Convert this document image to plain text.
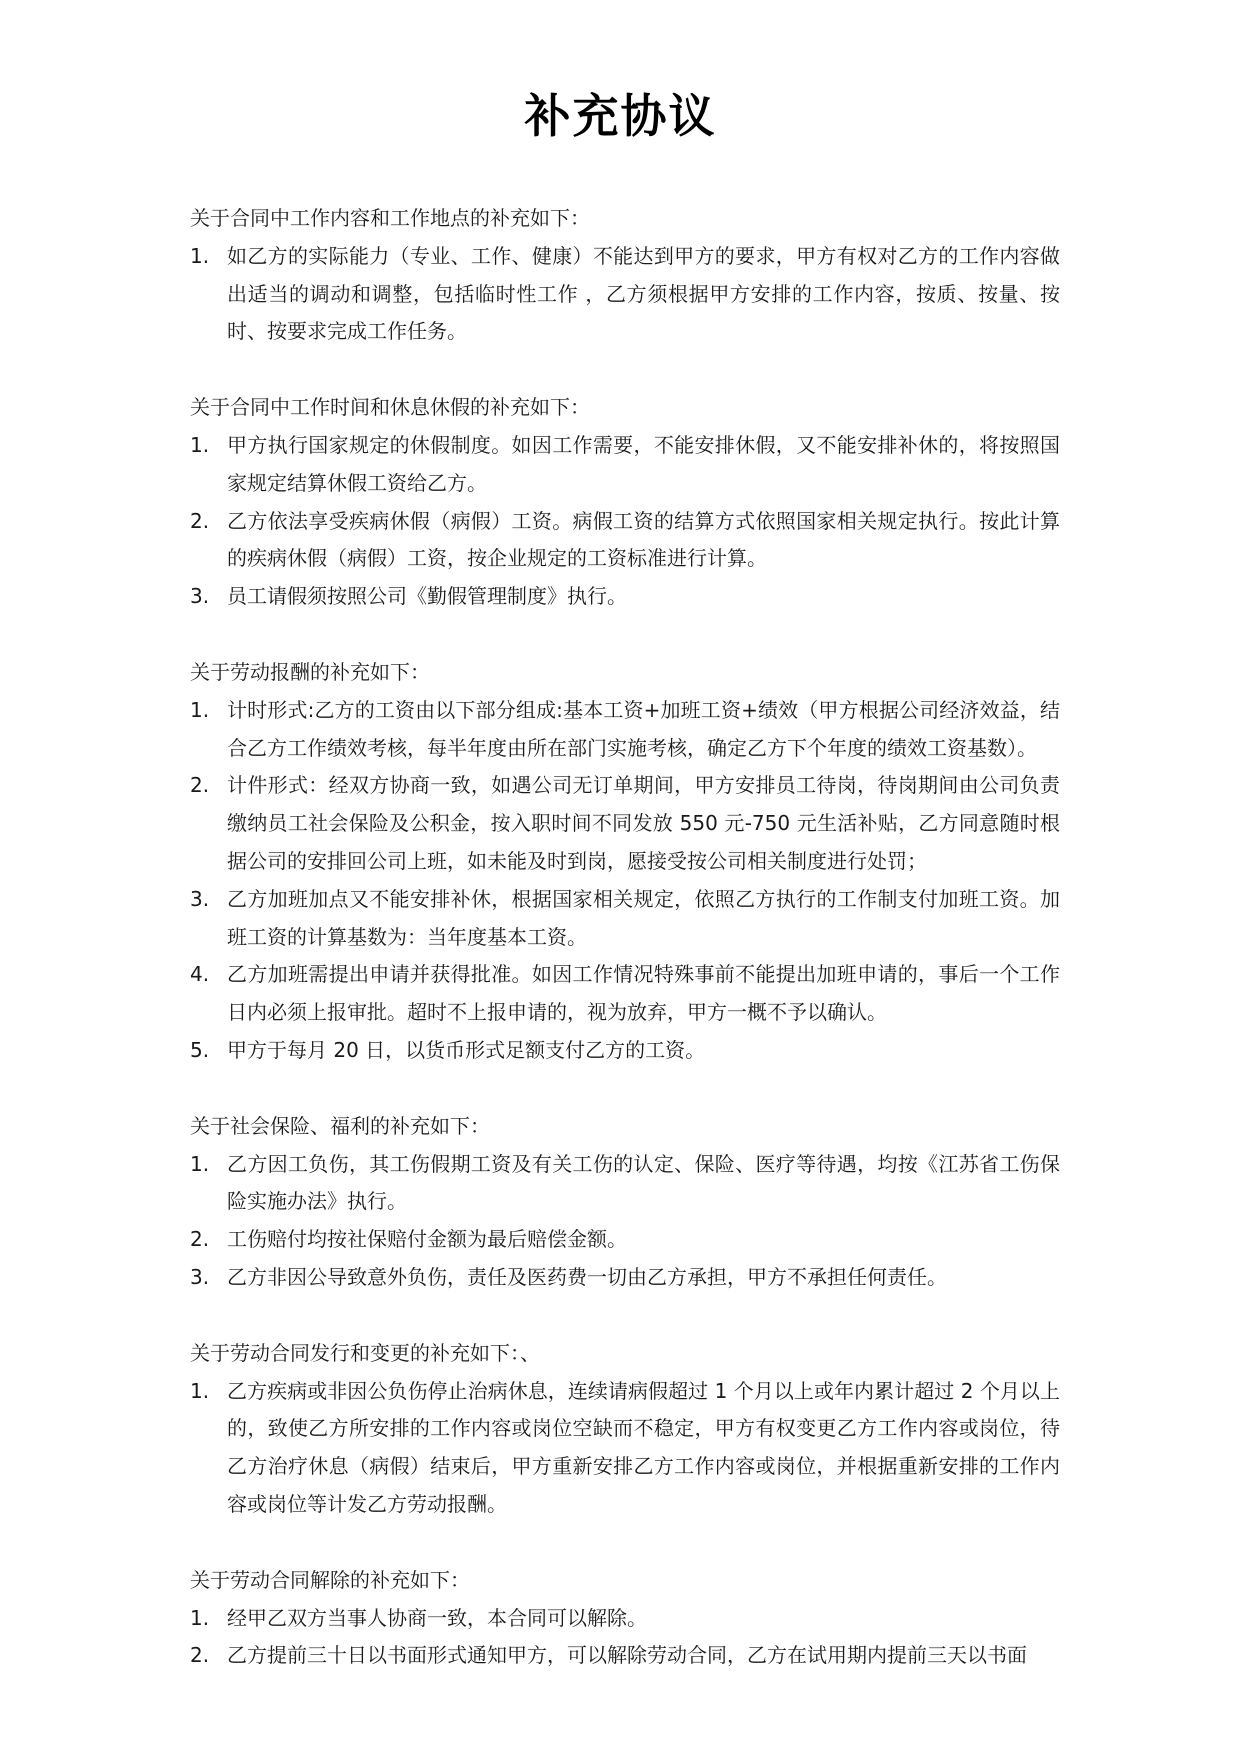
补充协议

关于合同中工作内容和工作地点的补充如下：

1. 如乙方的实际能力（专业、工作、健康）不能达到甲方的要求，甲方有权对乙方的工作内容做出适当的调动和调整，包括临时性工作 ，乙方须根据甲方安排的工作内容，按质、按量、按时、按要求完成工作任务。

关于合同中工作时间和休息休假的补充如下：

1. 甲方执行国家规定的休假制度。如因工作需要，不能安排休假，又不能安排补休的，将按照国家规定结算休假工资给乙方。
2. 乙方依法享受疾病休假（病假）工资。病假工资的结算方式依照国家相关规定执行。按此计算的疾病休假（病假）工资，按企业规定的工资标准进行计算。
3. 员工请假须按照公司《勤假管理制度》执行。

关于劳动报酬的补充如下：

1. 计时形式:乙方的工资由以下部分组成:基本工资+加班工资+绩效（甲方根据公司经济效益，结合乙方工作绩效考核，每半年度由所在部门实施考核，确定乙方下个年度的绩效工资基数）。
2. 计件形式：经双方协商一致，如遇公司无订单期间，甲方安排员工待岗，待岗期间由公司负责缴纳员工社会保险及公积金，按入职时间不同发放 550 元-750 元生活补贴，乙方同意随时根据公司的安排回公司上班，如未能及时到岗，愿接受按公司相关制度进行处罚；
3. 乙方加班加点又不能安排补休，根据国家相关规定，依照乙方执行的工作制支付加班工资。加班工资的计算基数为：当年度基本工资。
4. 乙方加班需提出申请并获得批准。如因工作情况特殊事前不能提出加班申请的，事后一个工作日内必须上报审批。超时不上报申请的，视为放弃，甲方一概不予以确认。
5. 甲方于每月 20 日，以货币形式足额支付乙方的工资。

关于社会保险、福利的补充如下：

1. 乙方因工负伤，其工伤假期工资及有关工伤的认定、保险、医疗等待遇，均按《江苏省工伤保险实施办法》执行。
2. 工伤赔付均按社保赔付金额为最后赔偿金额。
3. 乙方非因公导致意外负伤，责任及医药费一切由乙方承担，甲方不承担任何责任。

关于劳动合同发行和变更的补充如下：、

1. 乙方疾病或非因公负伤停止治病休息，连续请病假超过 1 个月以上或年内累计超过 2 个月以上的，致使乙方所安排的工作内容或岗位空缺而不稳定，甲方有权变更乙方工作内容或岗位，待乙方治疗休息（病假）结束后，甲方重新安排乙方工作内容或岗位，并根据重新安排的工作内容或岗位等计发乙方劳动报酬。

关于劳动合同解除的补充如下：

1. 经甲乙双方当事人协商一致，本合同可以解除。
2. 乙方提前三十日以书面形式通知甲方，可以解除劳动合同，乙方在试用期内提前三天以书面
